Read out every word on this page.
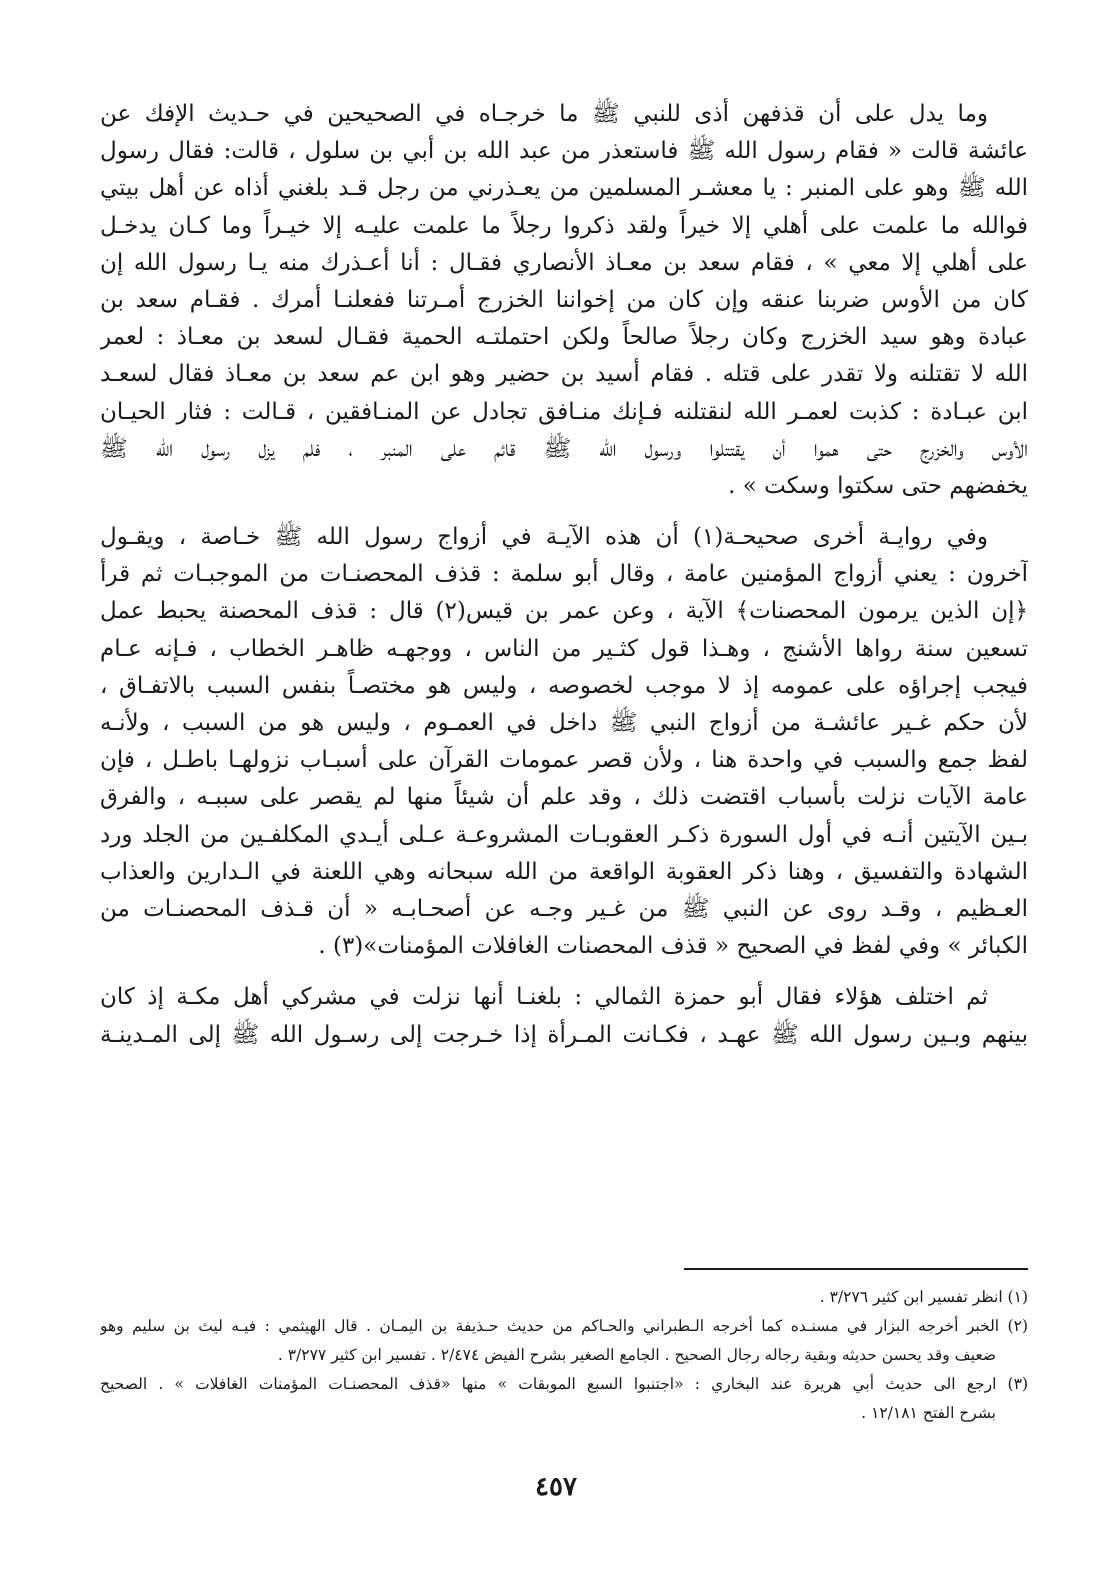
وما يدل على أن قذفهن أذى للنبي ﷺ ما خرجـاه في الصحيحين في حـديث الإفك عن
عائشة قالت « فقام رسول الله ﷺ فاستعذر من عبد الله بن أبي بن سلول ، قالت: فقال رسول
الله ﷺ وهو على المنبر : يا معشـر المسلمين من يعـذرني من رجل قـد بلغني أذاه عن أهل بيتي
فوالله ما علمت على أهلي إلا خيراً ولقد ذكروا رجلاً ما علمت عليـه إلا خيـراً وما كـان يدخـل
على أهلي إلا معي » ، فقام سعد بن معـاذ الأنصاري فقـال : أنا أعـذرك منه يـا رسول الله إن
كان من الأوس ضربنا عنقه وإن كان من إخواننا الخزرج أمـرتنا ففعلنـا أمرك . فقـام سعد بن
عبادة وهو سيد الخزرج وكان رجلاً صالحاً ولكن احتملتـه الحمية فقـال لسعد بن معـاذ : لعمر
الله لا تقتلنه ولا تقدر على قتله . فقام أسيد بن حضير وهو ابن عم سعد بن معـاذ فقال لسعـد
ابن عبـادة : كذبت لعمـر الله لنقتلنه فـإنك منـافق تجادل عن المنـافقين ، قـالت : فثار الحيـان
الأوس والخزرج حتى هموا أن يقتتلوا ورسول الله ﷺ قائم على المنبر ، فلم يزل رسول الله ﷺ
يخفضهم حتى سكتوا وسكت » .
وفي روايـة أخرى صحيحـة(١) أن هذه الآيـة في أزواج رسول الله ﷺ خـاصة ، ويقـول
آخرون : يعني أزواج المؤمنين عامة ، وقال أبو سلمة : قذف المحصنـات من الموجبـات ثم قرأ
﴿إن الذين يرمون المحصنات﴾ الآية ، وعن عمر بن قيس(٢) قال : قذف المحصنة يحبط عمل
تسعين سنة رواها الأشنج ، وهـذا قول كثـير من الناس ، ووجهـه ظاهـر الخطاب ، فـإنه عـام
فيجب إجراؤه على عمومه إذ لا موجب لخصوصه ، وليس هو مختصـاً بنفس السبب بالاتفـاق ،
لأن حكم غـير عائشـة من أزواج النبي ﷺ داخل في العمـوم ، وليس هو من السبب ، ولأنـه
لفظ جمع والسبب في واحدة هنا ، ولأن قصر عمومات القرآن على أسبـاب نزولهـا باطـل ، فإن
عامة الآيات نزلت بأسباب اقتضت ذلك ، وقد علم أن شيئاً منها لم يقصر على سببـه ، والفرق
بـين الآيتين أنـه في أول السورة ذكـر العقوبـات المشروعـة عـلى أيـدي المكلفـين من الجلد ورد
الشهادة والتفسيق ، وهنا ذكر العقوبة الواقعة من الله سبحانه وهي اللعنة في الـدارين والعذاب
العـظيم ، وقـد روى عن النبي ﷺ من غـير وجـه عن أصحـابـه « أن قـذف المحصنـات من
الكبائر » وفي لفظ في الصحيح « قذف المحصنات الغافلات المؤمنات»(٣) .
ثم اختلف هؤلاء فقال أبو حمزة الثمالي : بلغنـا أنها نزلت في مشركي أهل مكـة إذ كان
بينهم وبـين رسول الله ﷺ عهـد ، فكـانت المـرأة إذا خـرجت إلى رسـول الله ﷺ إلى المـدينـة
(١) انظر تفسير ابن كثير ٣/٢٧٦ .
(٢) الخبر أخرجه البزار في مسنـده كما أخرجه الـطبراني والحـاكم من حديث حـذيفة بن اليمـان . قال الهيثمي : فيـه ليث بن سليم وهو
ضعيف وقد يحسن حديثه وبقية رجاله رجال الصحيح . الجامع الصغير بشرح الفيض ٢/٤٧٤ . تفسير ابن كثير ٣/٢٧٧ .
(٣) ارجع الى حديث أبي هريرة عند البخاري : «اجتنبوا السبع الموبقات » منها «قذف المحصنـات المؤمنات الغافلات » . الصحيح
بشرح الفتح ١٢/١٨١ .
٤٥٧
